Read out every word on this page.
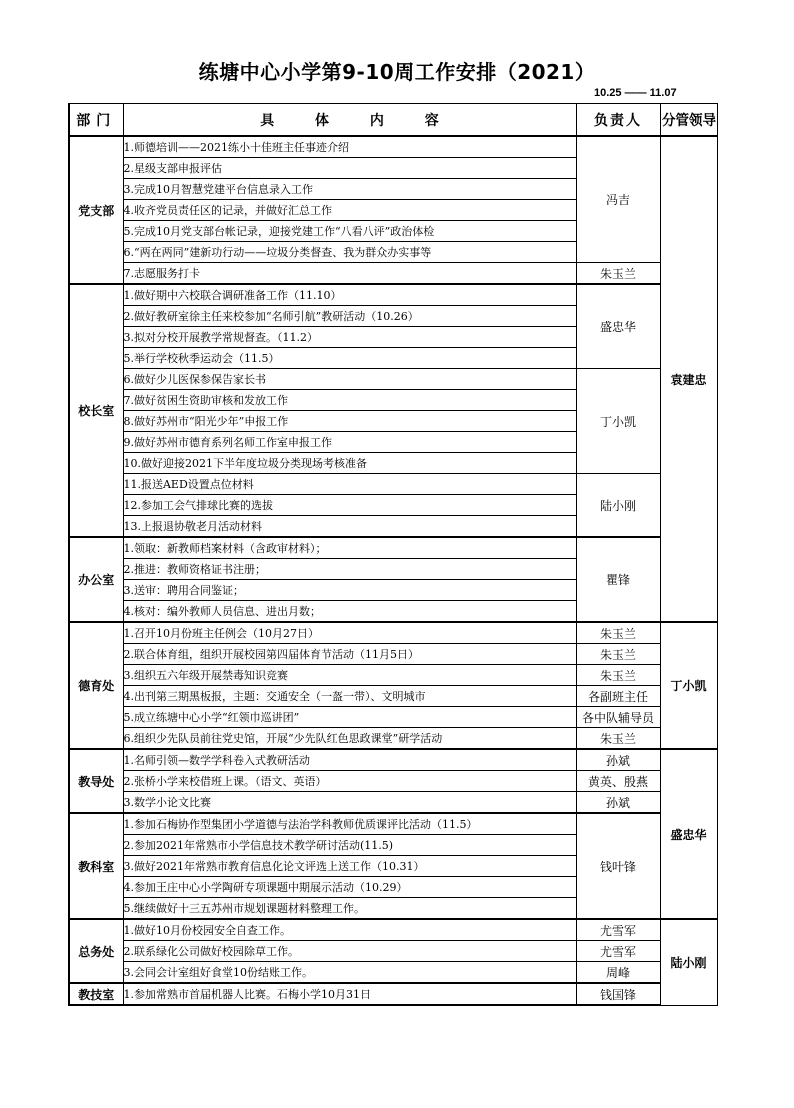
练塘中心小学第9-10周工作安排（2021）
10.25 —— 11.07
部门	具 体 内 容	负责人	分管领导
党支部	1.师德培训——2021练小十佳班主任事迹介绍	冯吉	袁建忠
	2.星级支部申报评估		
	3.完成10月智慧党建平台信息录入工作		
	4.收齐党员责任区的记录，并做好汇总工作		
	5.完成10月党支部台帐记录，迎接党建工作“八看八评”政治体检		
	6.“两在两同”建新功行动——垃圾分类督查、我为群众办实事等		
	7.志愿服务打卡	朱玉兰	
校长室	1.做好期中六校联合调研准备工作（11.10）	盛忠华	
	2.做好教研室徐主任来校参加“名师引航”教研活动（10.26）		
	3.拟对分校开展教学常规督查。（11.2）		
	5.举行学校秋季运动会（11.5）		
	6.做好少儿医保参保告家长书	丁小凯	
	7.做好贫困生资助审核和发放工作		
	8.做好苏州市“阳光少年”申报工作		
	9.做好苏州市德育系列名师工作室申报工作		
	10.做好迎接2021下半年度垃圾分类现场考核准备		
	11.报送AED设置点位材料	陆小刚	
	12.参加工会气排球比赛的选拔		
	13.上报退协敬老月活动材料		
办公室	1.领取：新教师档案材料（含政审材料）；	瞿锋	
	2.推进：教师资格证书注册；		
	3.送审：聘用合同鉴证；		
	4.核对：编外教师人员信息、进出月数；		
德育处	1.召开10月份班主任例会（10月27日）	朱玉兰	丁小凯
	2.联合体育组，组织开展校园第四届体育节活动（11月5日）	朱玉兰	
	3.组织五六年级开展禁毒知识竞赛	朱玉兰	
	4.出刊第三期黑板报，主题：交通安全（一盔一带）、文明城市	各副班主任	
	5.成立练塘中心小学“红领巾巡讲团”	各中队辅导员	
	6.组织少先队员前往党史馆，开展“少先队红色思政课堂”研学活动	朱玉兰	
教导处	1.名师引领—数学学科卷入式教研活动	孙斌	盛忠华
	2.张桥小学来校借班上课。（语文、英语）	黄英、殷燕	
	3.数学小论文比赛	孙斌	
教科室	1.参加石梅协作型集团小学道德与法治学科教师优质课评比活动（11.5）	钱叶锋	
	2.参加2021年常熟市小学信息技术教学研讨活动(11.5)		
	3.做好2021年常熟市教育信息化论文评选上送工作（10.31）		
	4.参加王庄中心小学陶研专项课题中期展示活动（10.29）		
	5.继续做好十三五苏州市规划课题材料整理工作。		
总务处	1.做好10月份校园安全自查工作。	尤雪军	陆小刚
	2.联系绿化公司做好校园除草工作。	尤雪军	
	3.会同会计室组好食堂10份结账工作。	周峰	
教技室	1.参加常熟市首届机器人比赛。石梅小学10月31日	钱国锋	
